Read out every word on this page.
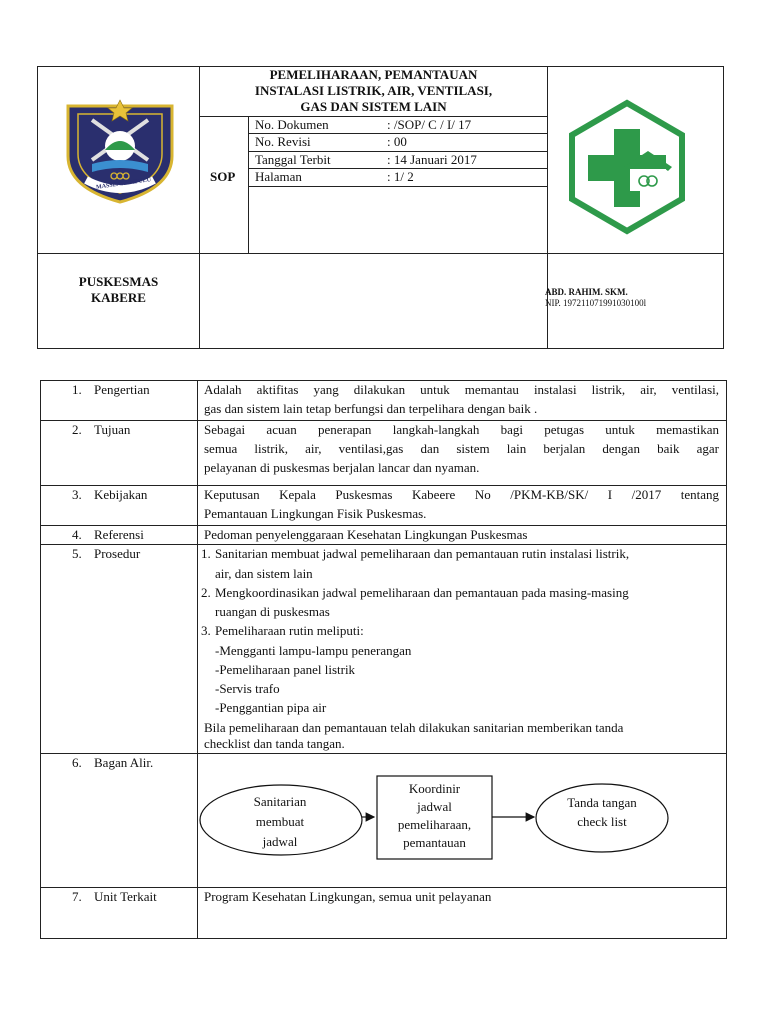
MASSENREMPULU
PEMELIHARAAN, PEMANTAUAN
INSTALASI LISTRIK, AIR, VENTILASI,
GAS DAN SISTEM LAIN
SOP
No. Dokumen	: /SOP/ C / I/ 17
No. Revisi	: 00
Tanggal Terbit	: 14 Januari 2017
Halaman	: 1/ 2
PUSKESMAS
KABERE	ABD. RAHIM. SKM.
NIP. 197211071991030100l
1. Pengertian	Adalah aktifitas yang dilakukan untuk memantau instalasi listrik, air, ventilasi,
gas dan sistem lain tetap berfungsi dan terpelihara dengan baik .
2. Tujuan	Sebagai acuan penerapan langkah-langkah bagi petugas untuk memastikan
semua listrik, air, ventilasi,gas dan sistem lain berjalan dengan baik agar
pelayanan di puskesmas berjalan lancar dan nyaman.
3. Kebijakan	Keputusan Kepala Puskesmas Kabeere No /PKM-KB/SK/ I /2017 tentang
Pemantauan Lingkungan Fisik Puskesmas.
4. Referensi	Pedoman penyelenggaraan Kesehatan Lingkungan Puskesmas
5. Prosedur	1. Sanitarian membuat jadwal pemeliharaan dan pemantauan rutin instalasi listrik,
air, dan sistem lain
2. Mengkoordinasikan jadwal pemeliharaan dan pemantauan pada masing-masing
ruangan di puskesmas
3. Pemeliharaan rutin meliputi:
-Mengganti lampu-lampu penerangan
-Pemeliharaan panel listrik
-Servis trafo
-Penggantian pipa air
Bila pemeliharaan dan pemantauan telah dilakukan sanitarian memberikan tanda
checklist dan tanda tangan.
6. Bagan Alir.
Sanitarian
membuat
jadwal
Koordinir
jadwal
pemeliharaan,
pemantauan
Tanda tangan
check list
7. Unit Terkait	Program Kesehatan Lingkungan, semua unit pelayanan
